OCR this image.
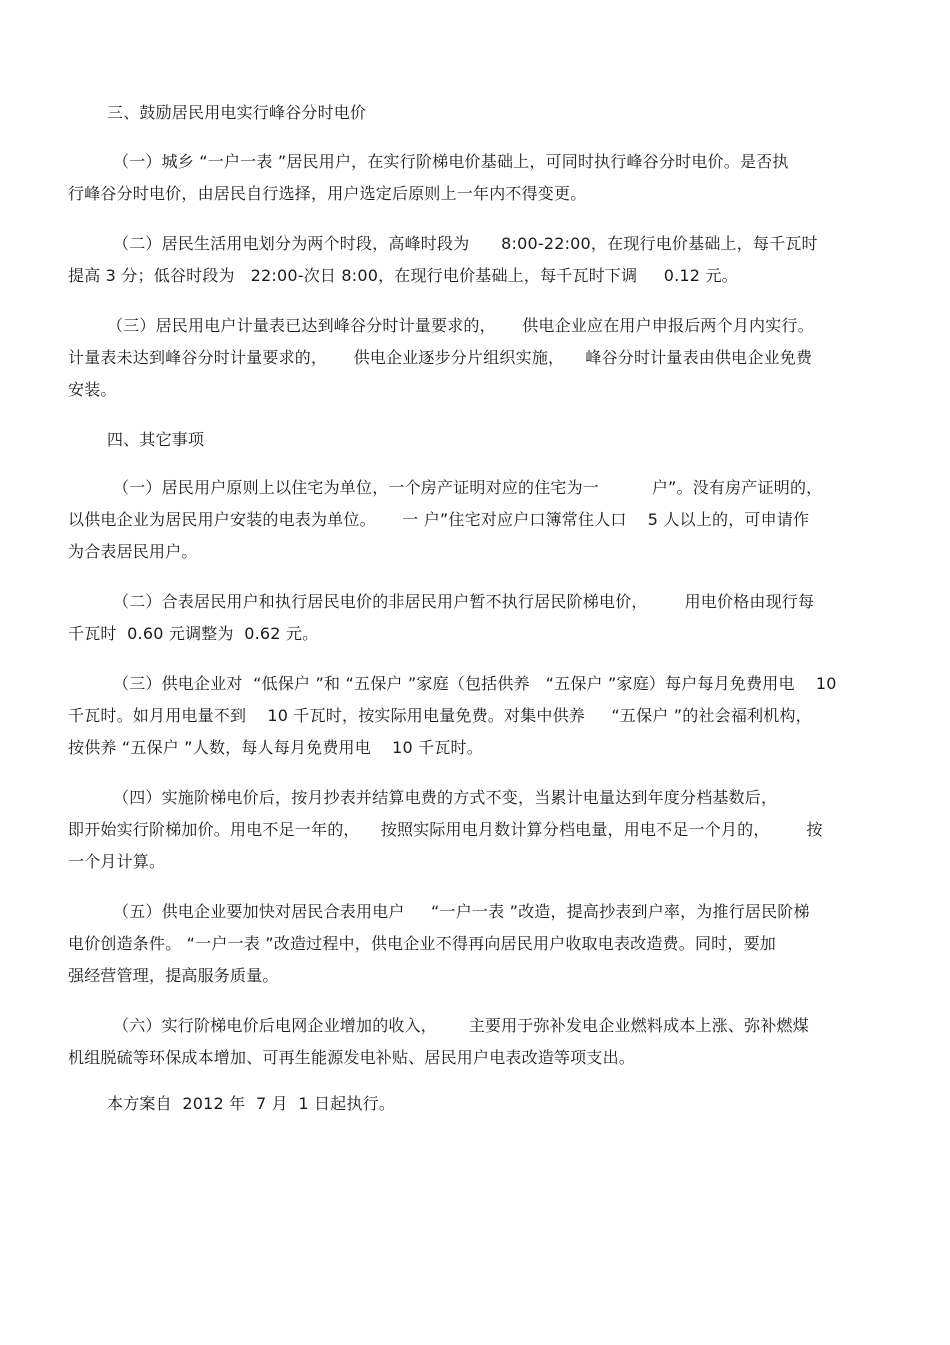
三、鼓励居民用电实行峰谷分时电价
（一）城乡 “一户一表 ”居民用户，在实行阶梯电价基础上，可同时执行峰谷分时电价。是否执
行峰谷分时电价，由居民自行选择，用户选定后原则上一年内不得变更。
（二）居民生活用电划分为两个时段，高峰时段为      8:00-22:00，在现行电价基础上，每千瓦时
提高 3 分；低谷时段为   22:00-次日 8:00，在现行电价基础上，每千瓦时下调     0.12 元。
（三）居民用电户计量表已达到峰谷分时计量要求的，     供电企业应在用户申报后两个月内实行。
计量表未达到峰谷分时计量要求的，     供电企业逐步分片组织实施，    峰谷分时计量表由供电企业免费
安装。
四、其它事项
（一）居民用户原则上以住宅为单位，一个房产证明对应的住宅为一          户”。没有房产证明的，
以供电企业为居民用户安装的电表为单位。     一 户”住宅对应户口簿常住人口    5 人以上的，可申请作
为合表居民用户。
（二）合表居民用户和执行居民电价的非居民用户暂不执行居民阶梯电价，       用电价格由现行每
千瓦时  0.60 元调整为  0.62 元。
（三）供电企业对  “低保户 ”和 “五保户 ”家庭（包括供养   “五保户 ”家庭）每户每月免费用电    10
千瓦时。如月用电量不到    10 千瓦时，按实际用电量免费。对集中供养     “五保户 ”的社会福利机构，
按供养 “五保户 ”人数，每人每月免费用电    10 千瓦时。
（四）实施阶梯电价后，按月抄表并结算电费的方式不变，当累计电量达到年度分档基数后，
即开始实行阶梯加价。用电不足一年的，    按照实际用电月数计算分档电量，用电不足一个月的，       按
一个月计算。
（五）供电企业要加快对居民合表用电户     “一户一表 ”改造，提高抄表到户率，为推行居民阶梯
电价创造条件。 “一户一表 ”改造过程中，供电企业不得再向居民用户收取电表改造费。同时，要加
强经营管理，提高服务质量。
（六）实行阶梯电价后电网企业增加的收入，      主要用于弥补发电企业燃料成本上涨、弥补燃煤
机组脱硫等环保成本增加、可再生能源发电补贴、居民用户电表改造等项支出。
本方案自  2012 年  7 月  1 日起执行。
